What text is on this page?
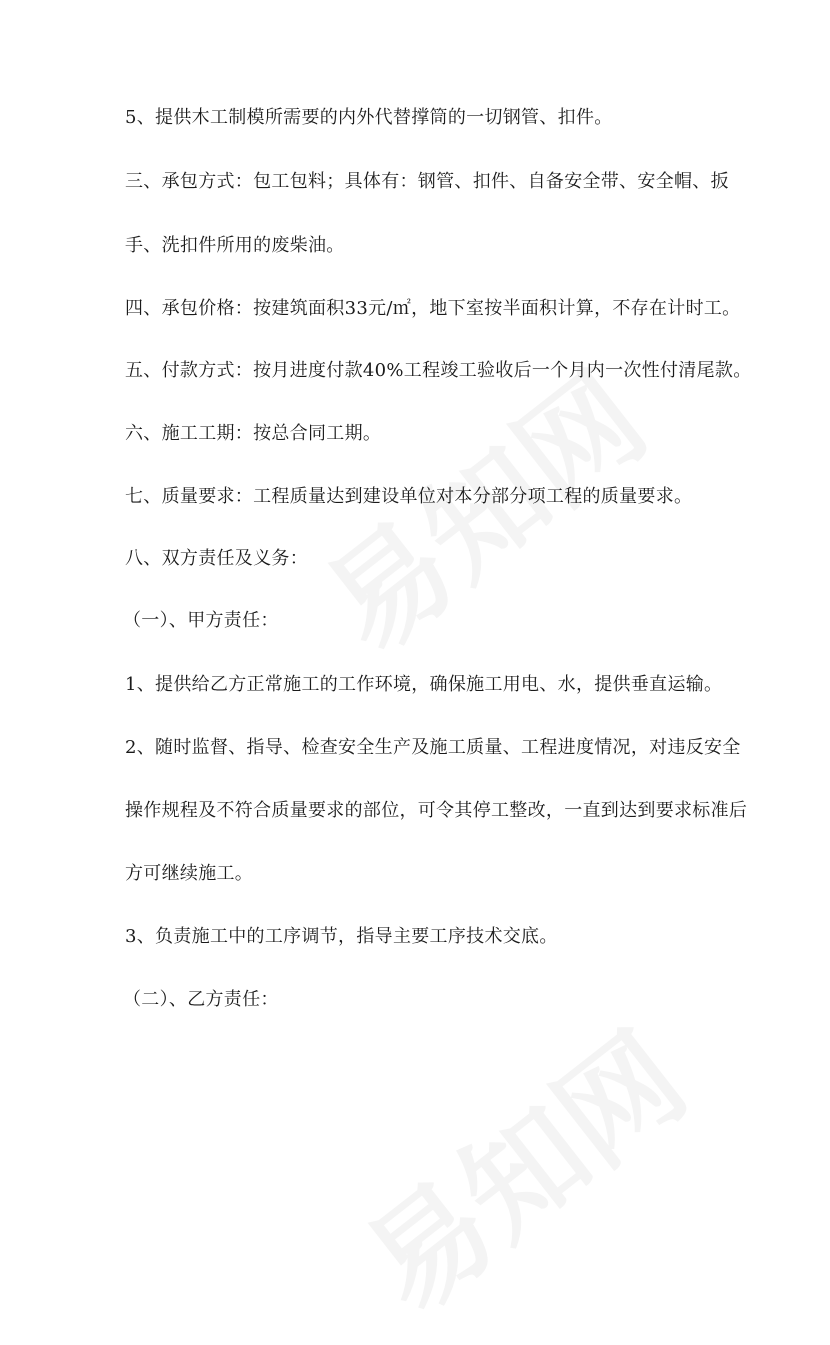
5、提供木工制模所需要的内外代替撑筒的一切钢管、扣件。
三、承包方式：包工包料；具体有：钢管、扣件、自备安全带、安全帽、扳
手、洗扣件所用的废柴油。
四、承包价格：按建筑面积33元/㎡，地下室按半面积计算，不存在计时工。
五、付款方式：按月进度付款40%工程竣工验收后一个月内一次性付清尾款。
六、施工工期：按总合同工期。
七、质量要求：工程质量达到建设单位对本分部分项工程的质量要求。
八、双方责任及义务：
（一）、甲方责任：
1、提供给乙方正常施工的工作环境，确保施工用电、水，提供垂直运输。
2、随时监督、指导、检查安全生产及施工质量、工程进度情况，对违反安全
操作规程及不符合质量要求的部位，可令其停工整改，一直到达到要求标准后
方可继续施工。
3、负责施工中的工序调节，指导主要工序技术交底。
（二）、乙方责任：
